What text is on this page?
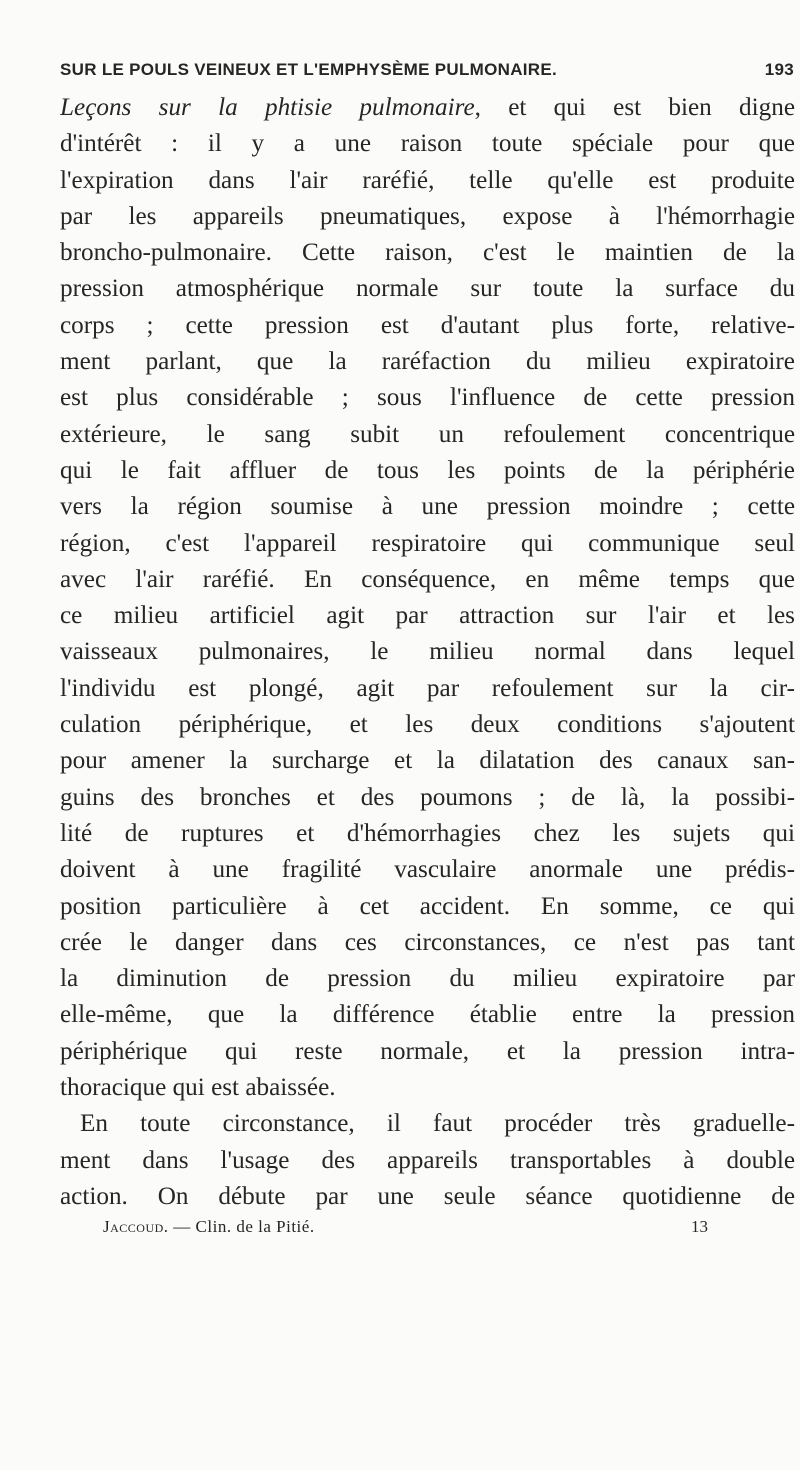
SUR LE POULS VEINEUX ET L'EMPHYSÈME PULMONAIRE.	193
Leçons sur la phtisie pulmonaire, et qui est bien digne
d'intérêt : il y a une raison toute spéciale pour que
l'expiration dans l'air raréfié, telle qu'elle est produite
par les appareils pneumatiques, expose à l'hémorrhagie
broncho-pulmonaire. Cette raison, c'est le maintien de la
pression atmosphérique normale sur toute la surface du
corps ; cette pression est d'autant plus forte, relative-
ment parlant, que la raréfaction du milieu expiratoire
est plus considérable ; sous l'influence de cette pression
extérieure, le sang subit un refoulement concentrique
qui le fait affluer de tous les points de la périphérie
vers la région soumise à une pression moindre ; cette
région, c'est l'appareil respiratoire qui communique seul
avec l'air raréfié. En conséquence, en même temps que
ce milieu artificiel agit par attraction sur l'air et les
vaisseaux pulmonaires, le milieu normal dans lequel
l'individu est plongé, agit par refoulement sur la cir-
culation périphérique, et les deux conditions s'ajoutent
pour amener la surcharge et la dilatation des canaux san-
guins des bronches et des poumons ; de là, la possibi-
lité de ruptures et d'hémorrhagies chez les sujets qui
doivent à une fragilité vasculaire anormale une prédis-
position particulière à cet accident. En somme, ce qui
crée le danger dans ces circonstances, ce n'est pas tant
la diminution de pression du milieu expiratoire par
elle-même, que la différence établie entre la pression
périphérique qui reste normale, et la pression intra-
thoracique qui est abaissée.
En toute circonstance, il faut procéder très graduelle-
ment dans l'usage des appareils transportables à double
action. On débute par une seule séance quotidienne de
Jaccoud. — Clin. de la Pitié.	13
